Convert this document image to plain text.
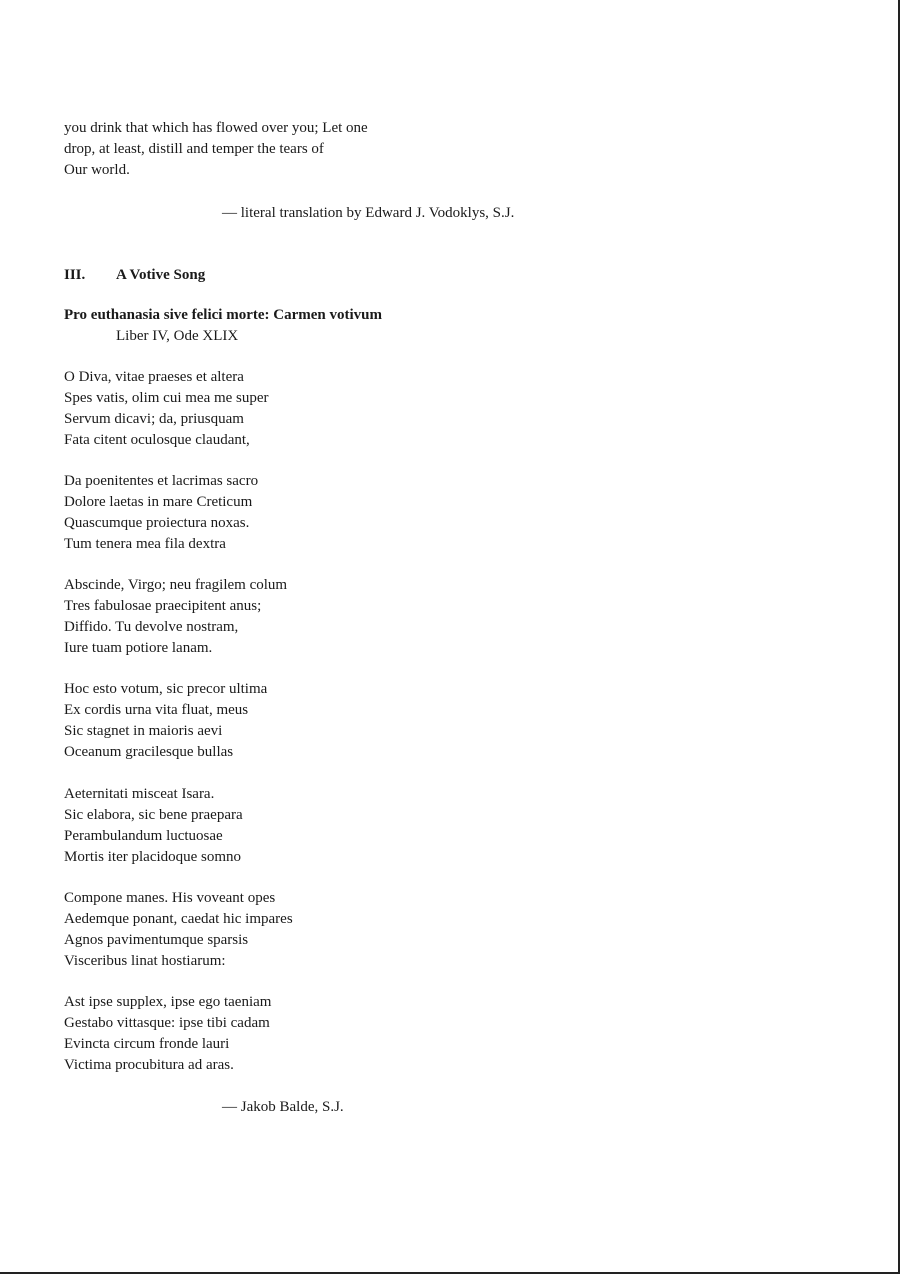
you drink that which has flowed over you; Let one
drop, at least, distill and temper the tears of
Our world.
— literal translation by Edward J. Vodoklys, S.J.
III. A Votive Song
Pro euthanasia sive felici morte: Carmen votivum
Liber IV, Ode XLIX
O Diva, vitae praeses et altera
Spes vatis, olim cui mea me super
Servum dicavi; da, priusquam
Fata citent oculosque claudant,
Da poenitentes et lacrimas sacro
Dolore laetas in mare Creticum
Quascumque proiectura noxas.
Tum tenera mea fila dextra
Abscinde, Virgo; neu fragilem colum
Tres fabulosae praecipitent anus;
Diffido. Tu devolve nostram,
Iure tuam potiore lanam.
Hoc esto votum, sic precor ultima
Ex cordis urna vita fluat, meus
Sic stagnet in maioris aevi
Oceanum gracilesque bullas
Aeternitati misceat Isara.
Sic elabora, sic bene praepara
Perambulandum luctuosae
Mortis iter placidoque somno
Compone manes. His voveant opes
Aedemque ponant, caedat hic impares
Agnos pavimentumque sparsis
Visceribus linat hostiarum:
Ast ipse supplex, ipse ego taeniam
Gestabo vittasque: ipse tibi cadam
Evincta circum fronde lauri
Victima procubitura ad aras.
— Jakob Balde, S.J.
